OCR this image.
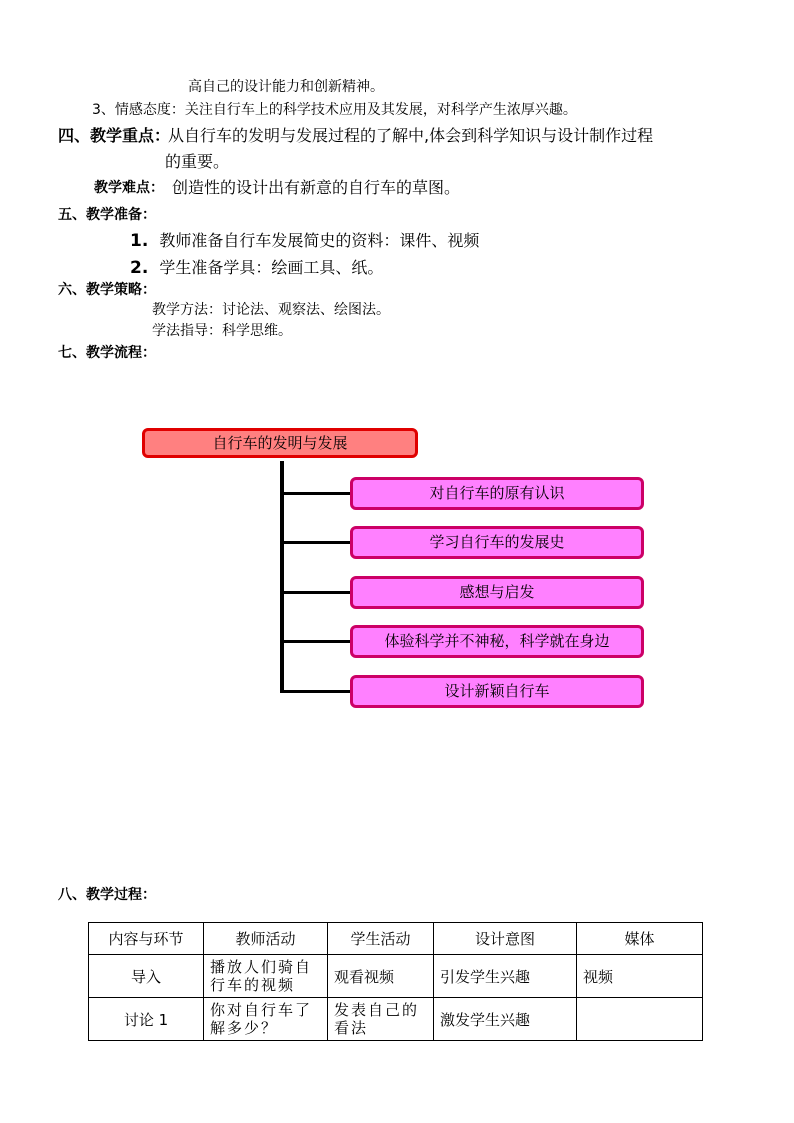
高自己的设计能力和创新精神。
3、情感态度：关注自行车上的科学技术应用及其发展，对科学产生浓厚兴趣。
四、教学重点：
从自行车的发明与发展过程的了解中,体会到科学知识与设计制作过程
的重要。
教学难点： 创造性的设计出有新意的自行车的草图。
五、教学准备：
1. 教师准备自行车发展简史的资料：课件、视频
2. 学生准备学具：绘画工具、纸。
六、教学策略：
教学方法：讨论法、观察法、绘图法。
学法指导：科学思维。
七、教学流程：
自行车的发明与发展
对自行车的原有认识
学习自行车的发展史
感想与启发
体验科学并不神秘，科学就在身边
设计新颖自行车
八、教学过程：
内容与环节	教师活动	学生活动	设计意图	媒体
导入	播放人们骑自行车的视频	观看视频	引发学生兴趣	视频
讨论 1	你对自行车了解多少？	发表自己的看法	激发学生兴趣	
